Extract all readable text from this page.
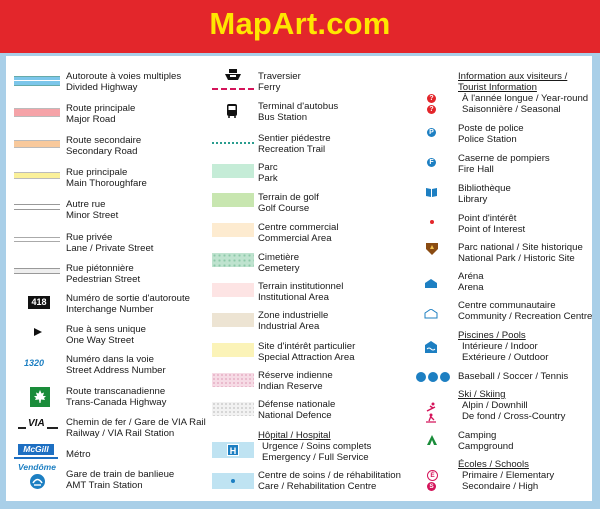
MapArt.com
Autoroute à voies multiples
Divided Highway
Route principale
Major Road
Route secondaire
Secondary Road
Rue principale
Main Thoroughfare
Autre rue
Minor Street
Rue privée
Lane / Private Street
Rue piétonnière
Pedestrian Street
418	Numéro de sortie d'autoroute
Interchange Number
Rue à sens unique
One Way Street
1320 Numéro dans la voie
Street Address Number
Route transcanadienne
Trans-Canada Highway
VIA Chemin de fer / Gare de VIA Rail
Railway / VIA Rail Station
McGill	Métro
Vendôme
Gare de train de banlieue
AMT Train Station
Traversier
Ferry
Terminal d'autobus
Bus Station
Sentier piédestre
Recreation Trail
Parc
Park
Terrain de golf
Golf Course
Centre commercial
Commercial Area
Cimetière
Cemetery
Terrain institutionnel
Institutional Area
Zone industrielle
Industrial Area
Site d'intérêt particulier
Special Attraction Area
Réserve indienne
Indian Reserve
Défense nationale
National Defence
H
Hôpital / Hospital
Urgence / Soins complets
Emergency / Full Service
Centre de soins / de réhabilitation
Care / Rehabilitation Centre
?
?
Information aux visiteurs /
Tourist Information
À l'année longue / Year-round
Saisonnière / Seasonal
P	Poste de police
Police Station
F	Caserne de pompiers
Fire Hall
Bibliothèque
Library
Point d'intérêt
Point of Interest
Parc national / Site historique
National Park / Historic Site
Aréna
Arena
Centre communautaire
Community / Recreation Centre
Piscines / Pools
Intérieure / Indoor
Extérieure / Outdoor
Baseball / Soccer / Tennis
Ski / Skiing
Alpin / Downhill
De fond / Cross-Country
Camping
Campground
É
S
Écoles / Schools
Primaire / Elementary
Secondaire / High
